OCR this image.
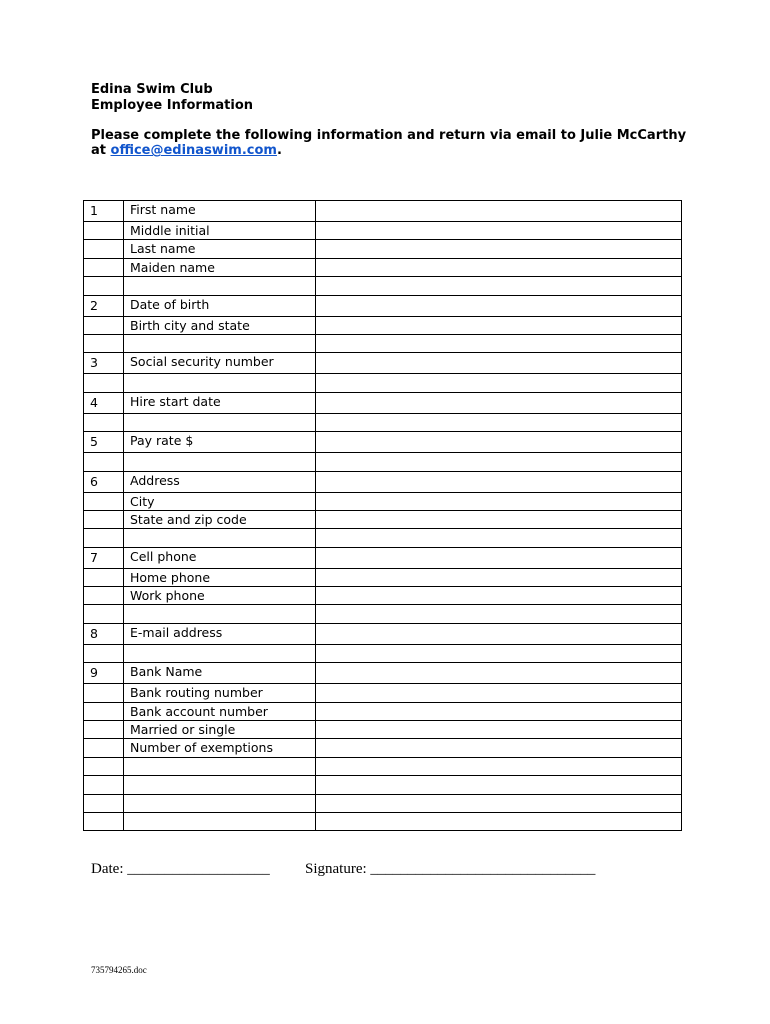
Edina Swim Club
Employee Information
Please complete the following information and return via email to Julie McCarthy
at office@edinaswim.com.
1	First name	
	Middle initial	
	Last name	
	Maiden name	

2	Date of birth	
	Birth city and state	

3	Social security number	

4	Hire start date	

5	Pay rate $	

6	Address	
	City	
	State and zip code	

7	Cell phone	
	Home phone	
	Work phone	

8	E-mail address	

9	Bank Name	
	Bank routing number	
	Bank account number	
	Married or single	
	Number of exemptions	

Date: ___________________ Signature: ______________________________
735794265.doc
